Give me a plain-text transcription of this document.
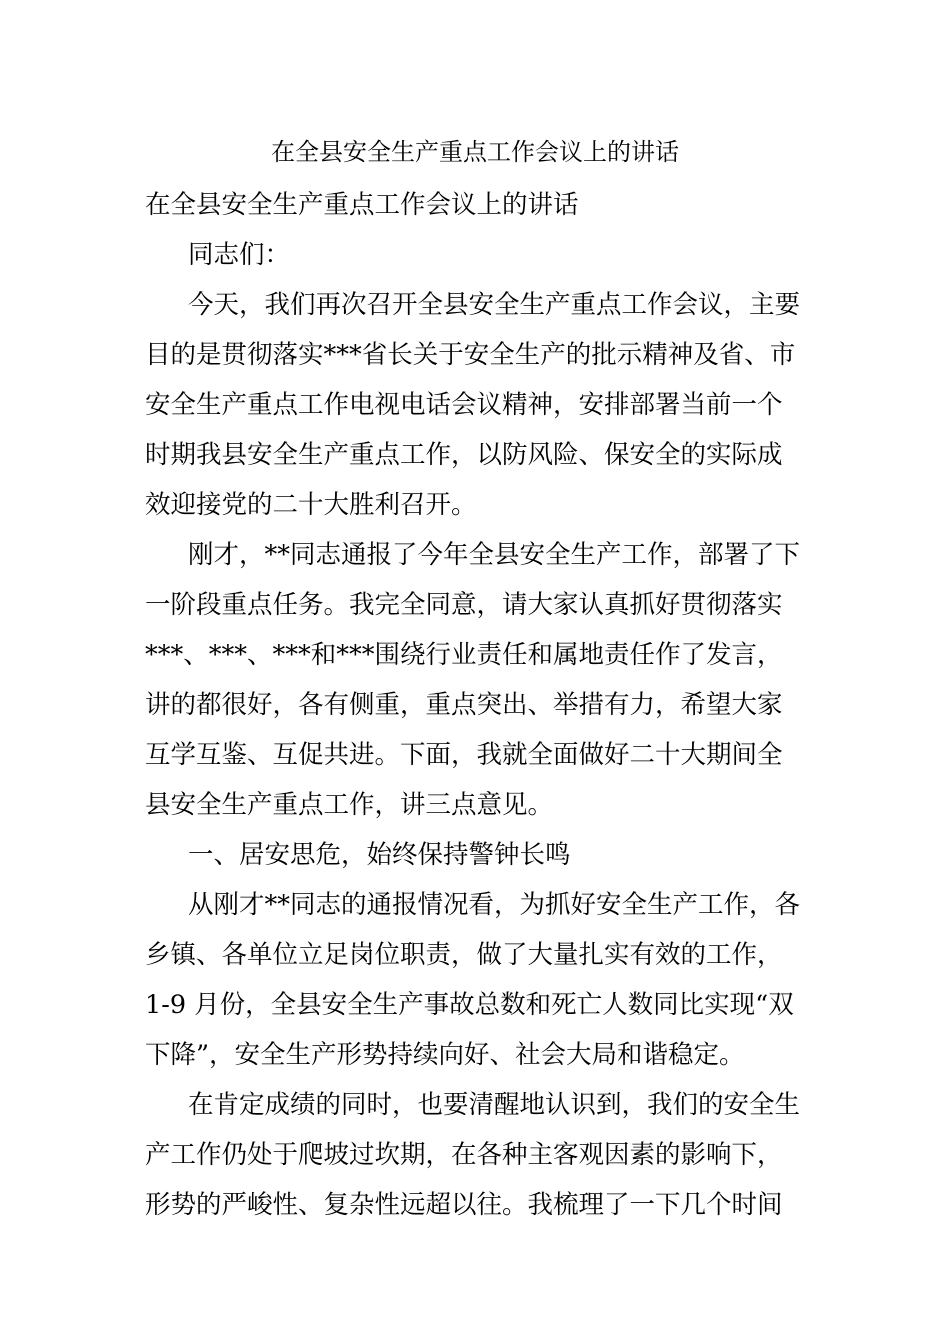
在全县安全生产重点工作会议上的讲话
在全县安全生产重点工作会议上的讲话
同志们：
今天，我们再次召开全县安全生产重点工作会议，主要
目的是贯彻落实***省长关于安全生产的批示精神及省、市
安全生产重点工作电视电话会议精神，安排部署当前一个
时期我县安全生产重点工作，以防风险、保安全的实际成
效迎接党的二十大胜利召开。
刚才，**同志通报了今年全县安全生产工作，部署了下
一阶段重点任务。我完全同意，请大家认真抓好贯彻落实
***、***、***和***围绕行业责任和属地责任作了发言，
讲的都很好，各有侧重，重点突出、举措有力，希望大家
互学互鉴、互促共进。下面，我就全面做好二十大期间全
县安全生产重点工作，讲三点意见。
一、居安思危，始终保持警钟长鸣
从刚才**同志的通报情况看，为抓好安全生产工作，各
乡镇、各单位立足岗位职责，做了大量扎实有效的工作，
1-9 月份，全县安全生产事故总数和死亡人数同比实现“双
下降”，安全生产形势持续向好、社会大局和谐稳定。
在肯定成绩的同时，也要清醒地认识到，我们的安全生
产工作仍处于爬坡过坎期，在各种主客观因素的影响下，
形势的严峻性、复杂性远超以往。我梳理了一下几个时间
